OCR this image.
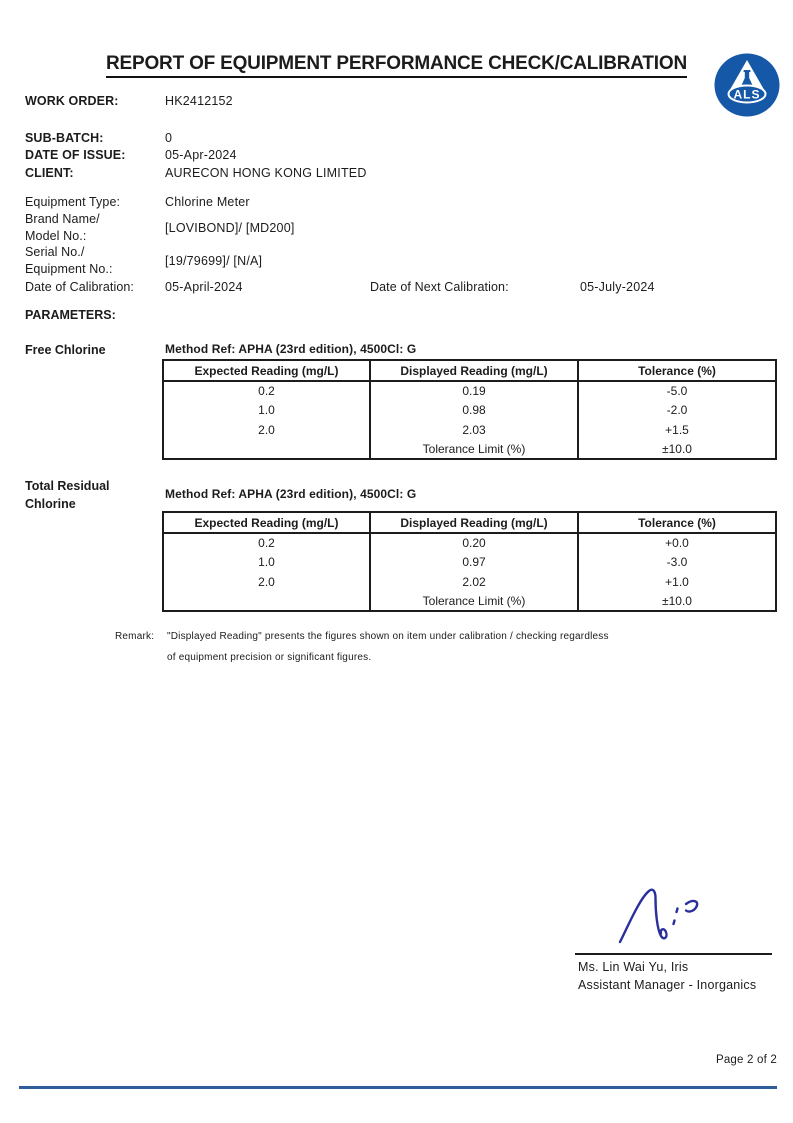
REPORT OF EQUIPMENT PERFORMANCE CHECK/CALIBRATION
ALS
WORK ORDER:	HK2412152
SUB-BATCH:	0
DATE OF ISSUE:	05-Apr-2024
CLIENT:	AURECON HONG KONG LIMITED
Equipment Type:	Chlorine Meter
Brand Name/
Model No.:
[LOVIBOND]/ [MD200]
Serial No./
Equipment No.:
[19/79699]/ [N/A]
Date of Calibration:	05-April-2024	Date of Next Calibration:	05-July-2024
PARAMETERS:
Free Chlorine	Method Ref: APHA (23rd edition), 4500Cl: G
Expected Reading (mg/L)	Displayed Reading (mg/L)	Tolerance (%)
0.2	0.19	-5.0
1.0	0.98	-2.0
2.0	2.03	+1.5
	Tolerance Limit (%)	±10.0
Total Residual Chlorine
Method Ref: APHA (23rd edition), 4500Cl: G
Expected Reading (mg/L)	Displayed Reading (mg/L)	Tolerance (%)
0.2	0.20	+0.0
1.0	0.97	-3.0
2.0	2.02	+1.0
	Tolerance Limit (%)	±10.0
Remark:	"Displayed Reading" presents the figures shown on item under calibration / checking regardless
of equipment precision or significant figures.
Ms. Lin Wai Yu, Iris
Assistant Manager - Inorganics
Page 2 of 2
